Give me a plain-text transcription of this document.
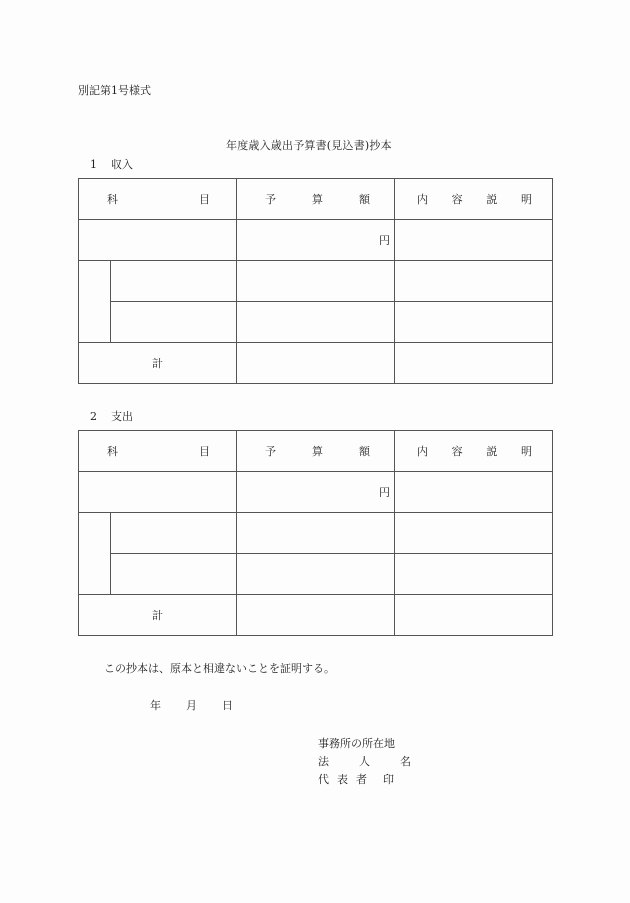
別記第1号様式
年度歳入歳出予算書(見込書)抄本
1 収入
科 目		予 算 額	内 容 説 明

		円	

計			
2 支出
科 目		予 算 額	内 容 説 明

		円	

計			
この抄本は、原本と相違ないことを証明する。
年 月 日
事務所の所在地
法	人	名
代 表 者 印
